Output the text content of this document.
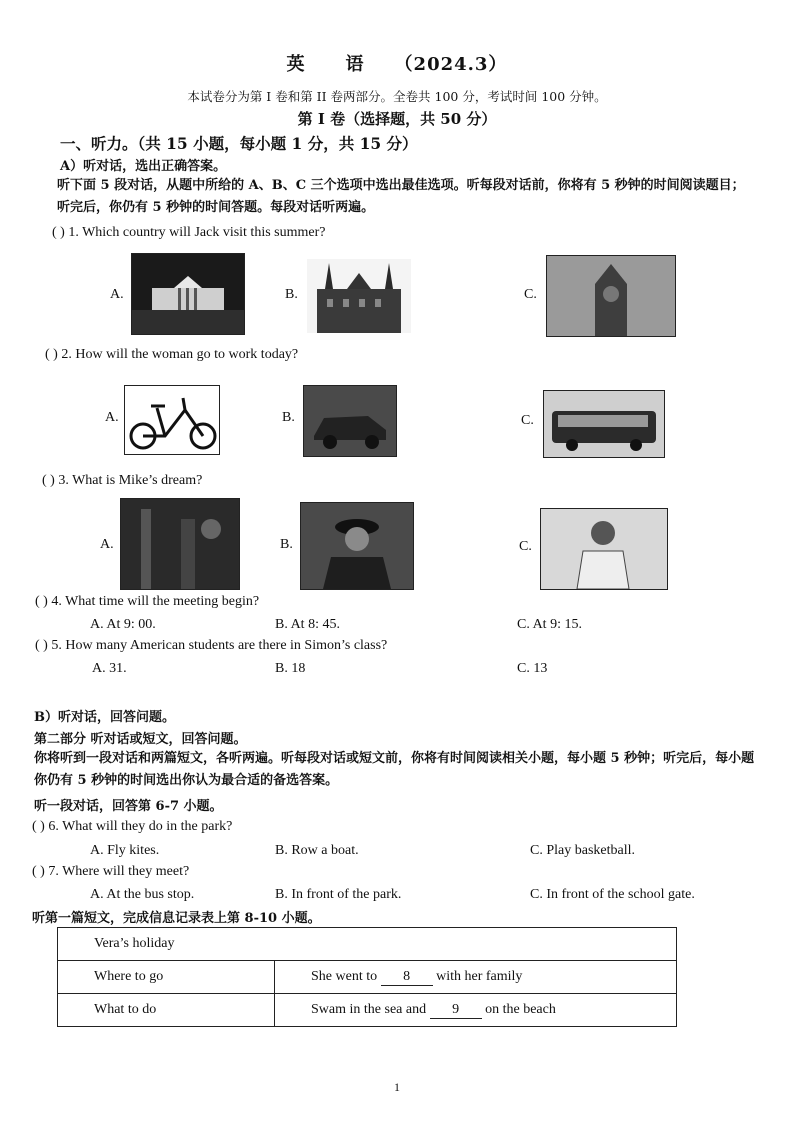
英 语 （2024.3）
本试卷分为第 I 卷和第 II 卷两部分。全卷共 100 分，考试时间 100 分钟。
第 I 卷（选择题，共 50 分）
一、听力。（共 15 小题，每小题 1 分，共 15 分）
A）听对话，选出正确答案。
听下面 5 段对话，从题中所给的 A、B、C 三个选项中选出最佳选项。听每段对话前，你将有 5 秒钟的时间阅读题目；听完后，你仍有 5 秒钟的时间答题。每段对话听两遍。
( ) 1. Which country will Jack visit this summer?
A.	B.	C.
( ) 2. How will the woman go to work today?
A.	B.	C.
( ) 3. What is Mike’s dream?
A.	B.	C.
( ) 4. What time will the meeting begin?
A. At 9: 00.	B. At 8: 45.	C. At 9: 15.
( ) 5. How many American students are there in Simon’s class?
A. 31.	B. 18	C. 13
B）听对话，回答问题。
第二部分 听对话或短文，回答问题。
你将听到一段对话和两篇短文，各听两遍。听每段对话或短文前，你将有时间阅读相关小题，每小题 5 秒钟；听完后，每小题你仍有 5 秒钟的时间选出你认为最合适的备选答案。
听一段对话，回答第 6-7 小题。
( ) 6. What will they do in the park?
A. Fly kites.	B. Row a boat.	C. Play basketball.
( ) 7. Where will they meet?
A. At the bus stop.	B. In front of the park.	C. In front of the school gate.
听第一篇短文，完成信息记录表上第 8-10 小题。
Vera’s holiday	
Where to go	She went to 8 with her family
What to do	Swam in the sea and 9 on the beach
1
